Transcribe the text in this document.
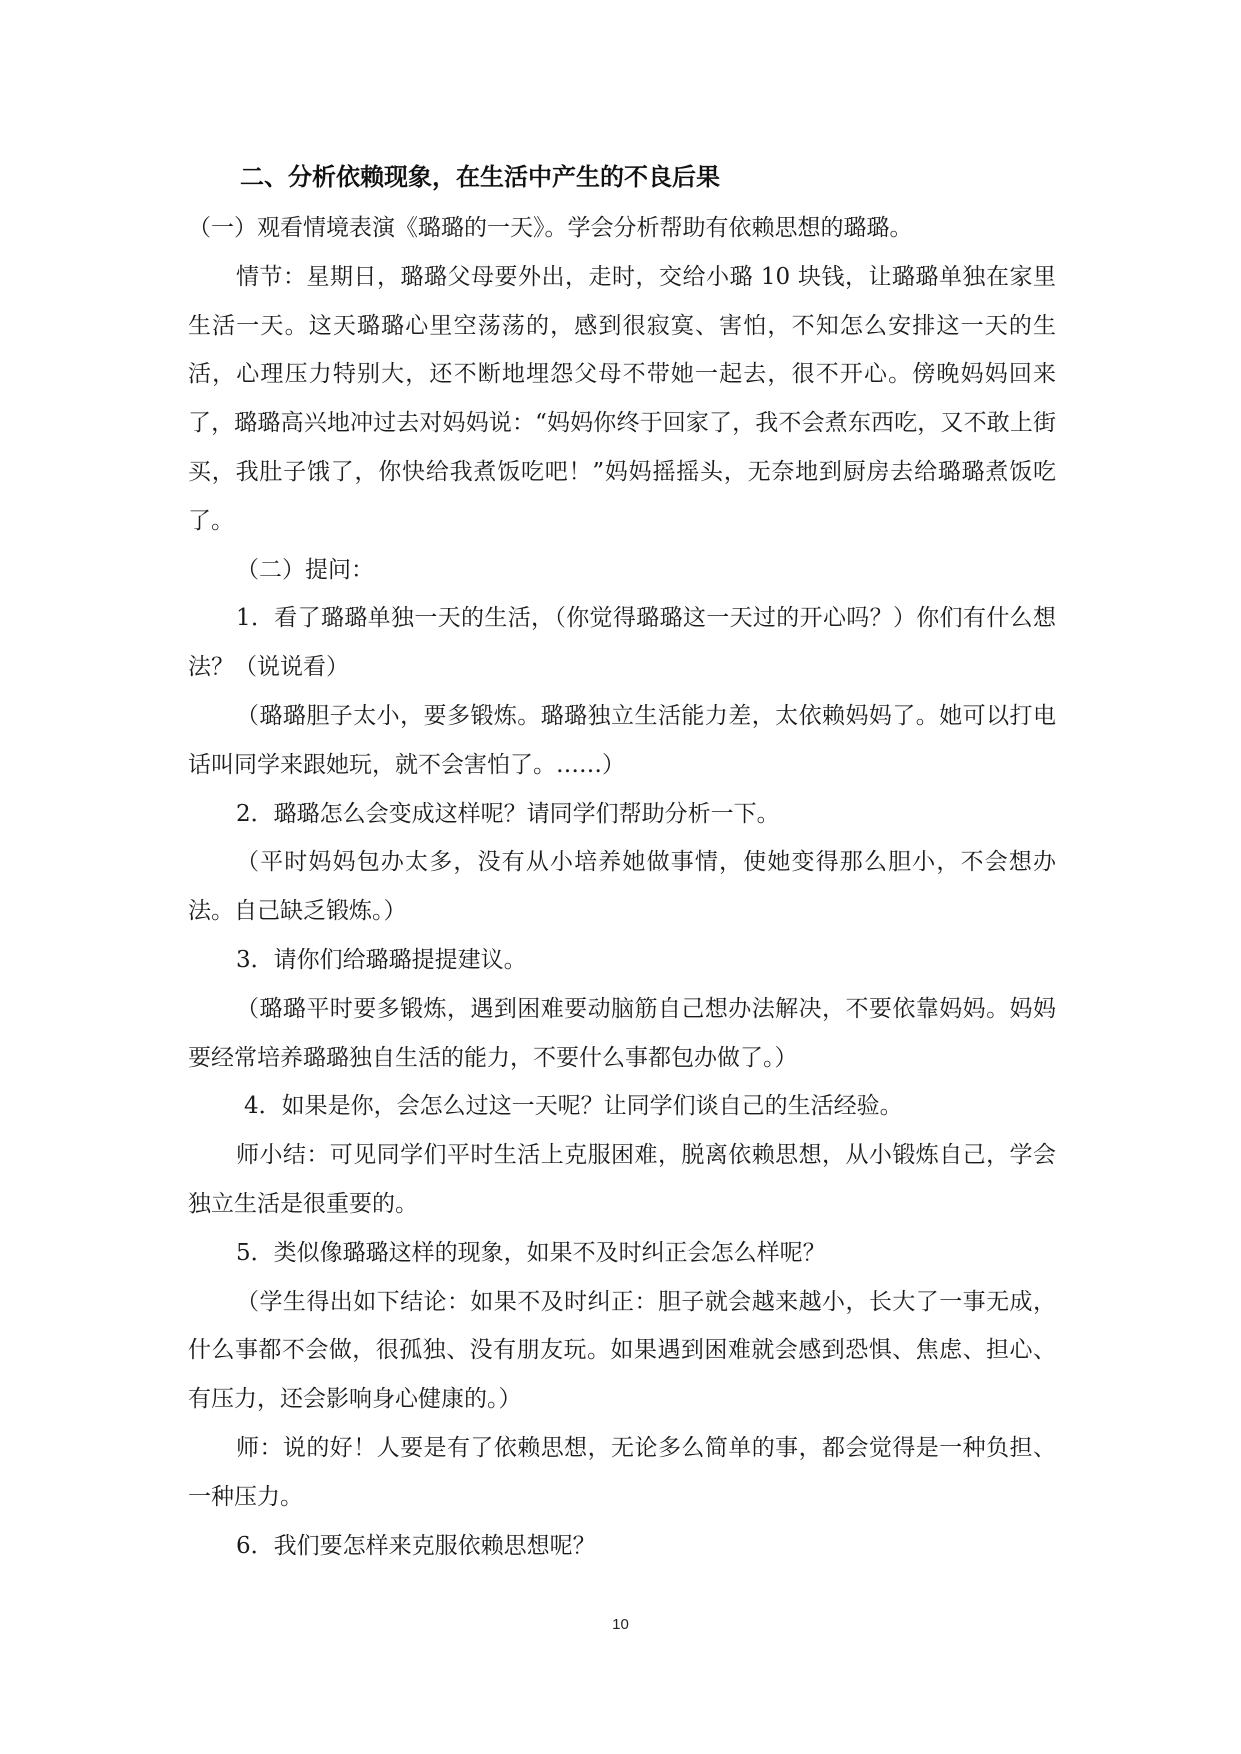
二、分析依赖现象，在生活中产生的不良后果

（一）观看情境表演《璐璐的一天》。学会分析帮助有依赖思想的璐璐。

情节：星期日，璐璐父母要外出，走时，交给小璐 10 块钱，让璐璐单独在家里生活一天。这天璐璐心里空荡荡的，感到很寂寞、害怕，不知怎么安排这一天的生活，心理压力特别大，还不断地埋怨父母不带她一起去，很不开心。傍晚妈妈回来了，璐璐高兴地冲过去对妈妈说：“妈妈你终于回家了，我不会煮东西吃，又不敢上街买，我肚子饿了，你快给我煮饭吃吧！”妈妈摇摇头，无奈地到厨房去给璐璐煮饭吃了。

（二）提问：

1．看了璐璐单独一天的生活，（你觉得璐璐这一天过的开心吗？）你们有什么想法？（说说看）

（璐璐胆子太小，要多锻炼。璐璐独立生活能力差，太依赖妈妈了。她可以打电话叫同学来跟她玩，就不会害怕了。……）

2．璐璐怎么会变成这样呢？请同学们帮助分析一下。

（平时妈妈包办太多，没有从小培养她做事情，使她变得那么胆小，不会想办法。自己缺乏锻炼。）

3．请你们给璐璐提提建议。

（璐璐平时要多锻炼，遇到困难要动脑筋自己想办法解决，不要依靠妈妈。妈妈要经常培养璐璐独自生活的能力，不要什么事都包办做了。）

4．如果是你，会怎么过这一天呢？让同学们谈自己的生活经验。

师小结：可见同学们平时生活上克服困难，脱离依赖思想，从小锻炼自己，学会独立生活是很重要的。

5．类似像璐璐这样的现象，如果不及时纠正会怎么样呢？

（学生得出如下结论：如果不及时纠正：胆子就会越来越小，长大了一事无成，什么事都不会做，很孤独、没有朋友玩。如果遇到困难就会感到恐惧、焦虑、担心、有压力，还会影响身心健康的。）

师：说的好！人要是有了依赖思想，无论多么简单的事，都会觉得是一种负担、一种压力。

6．我们要怎样来克服依赖思想呢？

10
